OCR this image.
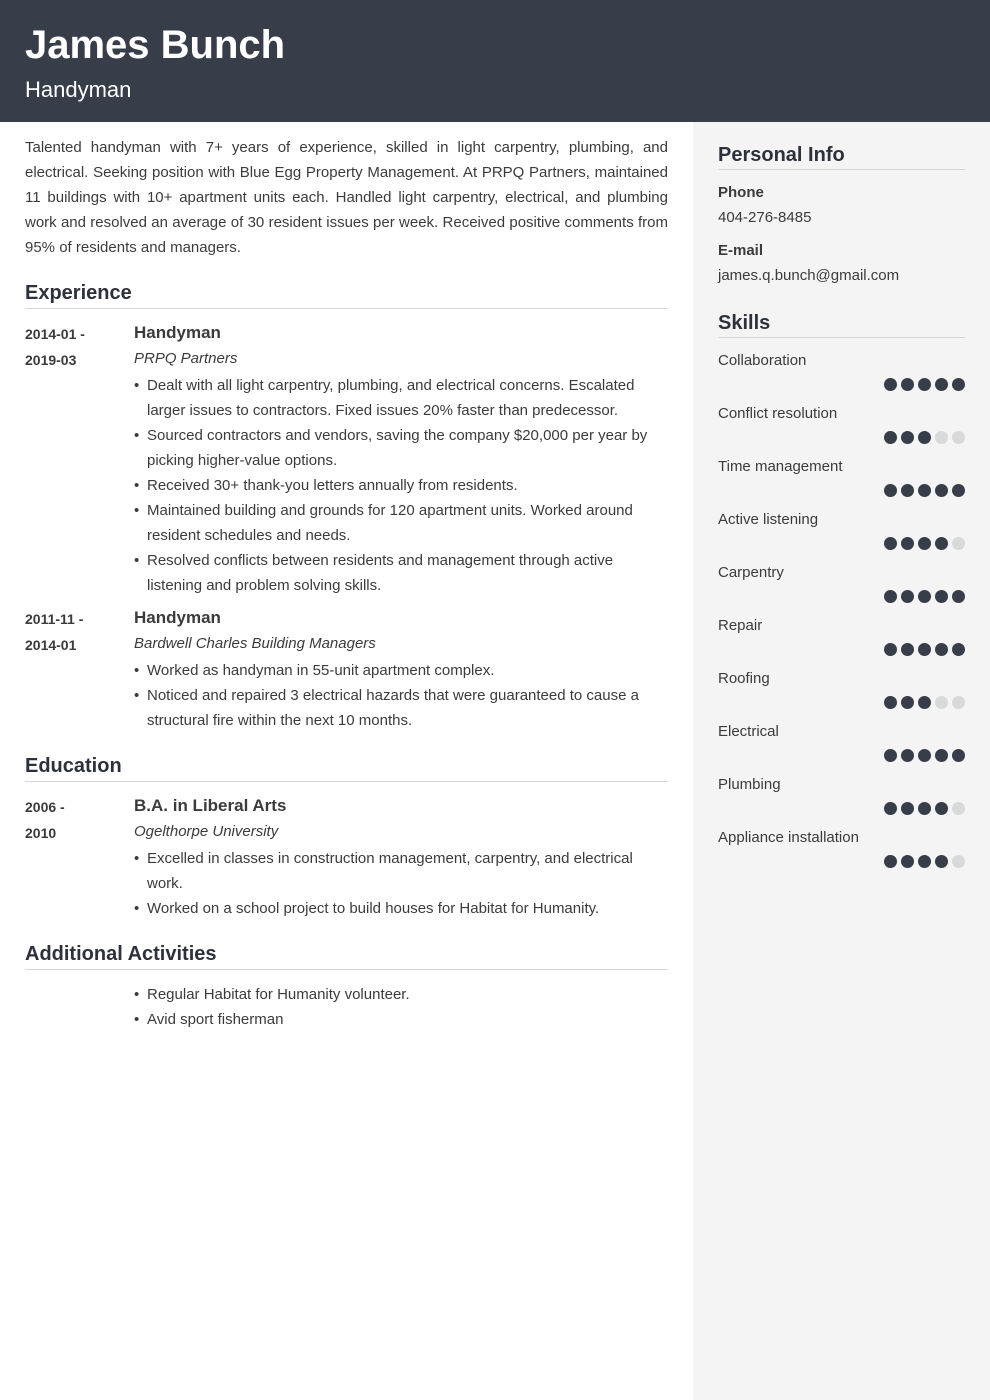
James Bunch
Handyman

Talented handyman with 7+ years of experience, skilled in light carpentry, plumbing, and electrical. Seeking position with Blue Egg Property Management. At PRPQ Partners, maintained 11 buildings with 10+ apartment units each. Handled light carpentry, electrical, and plumbing work and resolved an average of 30 resident issues per week. Received positive comments from 95% of residents and managers.

Experience
2014-01 -
2019-03
Handyman
PRPQ Partners
• Dealt with all light carpentry, plumbing, and electrical concerns. Escalated larger issues to contractors. Fixed issues 20% faster than predecessor.
• Sourced contractors and vendors, saving the company $20,000 per year by picking higher-value options.
• Received 30+ thank-you letters annually from residents.
• Maintained building and grounds for 120 apartment units. Worked around resident schedules and needs.
• Resolved conflicts between residents and management through active listening and problem solving skills.
2011-11 -
2014-01
Handyman
Bardwell Charles Building Managers
• Worked as handyman in 55-unit apartment complex.
• Noticed and repaired 3 electrical hazards that were guaranteed to cause a structural fire within the next 10 months.
Education
2006 -
2010
B.A. in Liberal Arts
Ogelthorpe University
• Excelled in classes in construction management, carpentry, and electrical work.
• Worked on a school project to build houses for Habitat for Humanity.
Additional Activities
• Regular Habitat for Humanity volunteer.
• Avid sport fisherman
Personal Info
Phone
404-276-8485
E-mail
james.q.bunch@gmail.com
Skills
Collaboration
Conflict resolution
Time management
Active listening
Carpentry
Repair
Roofing
Electrical
Plumbing
Appliance installation
